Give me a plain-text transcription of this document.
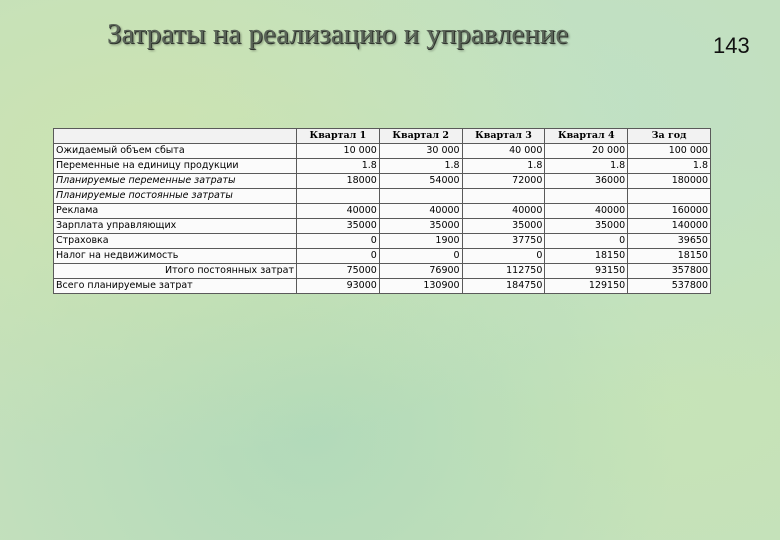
Затраты на реализацию и управление	143
	Квартал 1	Квартал 2	Квартал 3	Квартал 4	За год
Ожидаемый объем сбыта	10 000	30 000	40 000	20 000	100 000
Переменные на единицу продукции	1.8	1.8	1.8	1.8	1.8
Планируемые переменные затраты	18000	54000	72000	36000	180000
Планируемые постоянные затраты					
Реклама	40000	40000	40000	40000	160000
Зарплата управляющих	35000	35000	35000	35000	140000
Страховка	0	1900	37750	0	39650
Налог на недвижимость	0	0	0	18150	18150
Итого постоянных затрат	75000	76900	112750	93150	357800
Всего планируемые затрат	93000	130900	184750	129150	537800
